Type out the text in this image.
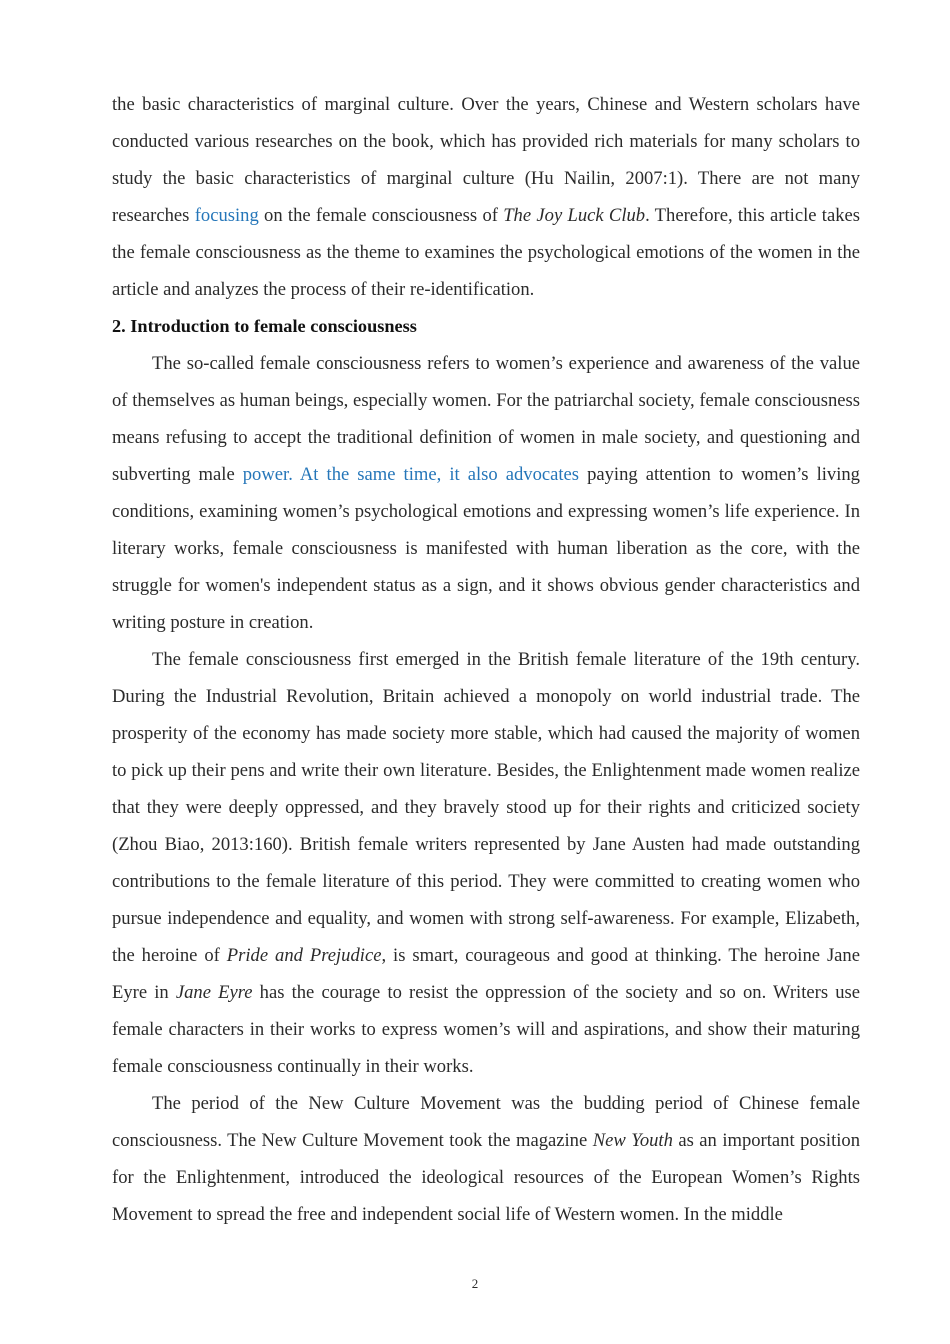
the basic characteristics of marginal culture. Over the years, Chinese and Western scholars have conducted various researches on the book, which has provided rich materials for many scholars to study the basic characteristics of marginal culture (Hu Nailin, 2007:1). There are not many researches focusing on the female consciousness of The Joy Luck Club. Therefore, this article takes the female consciousness as the theme to examines the psychological emotions of the women in the article and analyzes the process of their re-identification.

2. Introduction to female consciousness

The so-called female consciousness refers to women’s experience and awareness of the value of themselves as human beings, especially women. For the patriarchal society, female consciousness means refusing to accept the traditional definition of women in male society, and questioning and subverting male power. At the same time, it also advocates paying attention to women’s living conditions, examining women’s psychological emotions and expressing women’s life experience. In literary works, female consciousness is manifested with human liberation as the core, with the struggle for women's independent status as a sign, and it shows obvious gender characteristics and writing posture in creation.

The female consciousness first emerged in the British female literature of the 19th century. During the Industrial Revolution, Britain achieved a monopoly on world industrial trade. The prosperity of the economy has made society more stable, which had caused the majority of women to pick up their pens and write their own literature. Besides, the Enlightenment made women realize that they were deeply oppressed, and they bravely stood up for their rights and criticized society (Zhou Biao, 2013:160). British female writers represented by Jane Austen had made outstanding contributions to the female literature of this period. They were committed to creating women who pursue independence and equality, and women with strong self-awareness. For example, Elizabeth, the heroine of Pride and Prejudice, is smart, courageous and good at thinking. The heroine Jane Eyre in Jane Eyre has the courage to resist the oppression of the society and so on. Writers use female characters in their works to express women’s will and aspirations, and show their maturing female consciousness continually in their works.

The period of the New Culture Movement was the budding period of Chinese female consciousness. The New Culture Movement took the magazine New Youth as an important position for the Enlightenment, introduced the ideological resources of the European Women’s Rights Movement to spread the free and independent social life of Western women. In the middle

2
